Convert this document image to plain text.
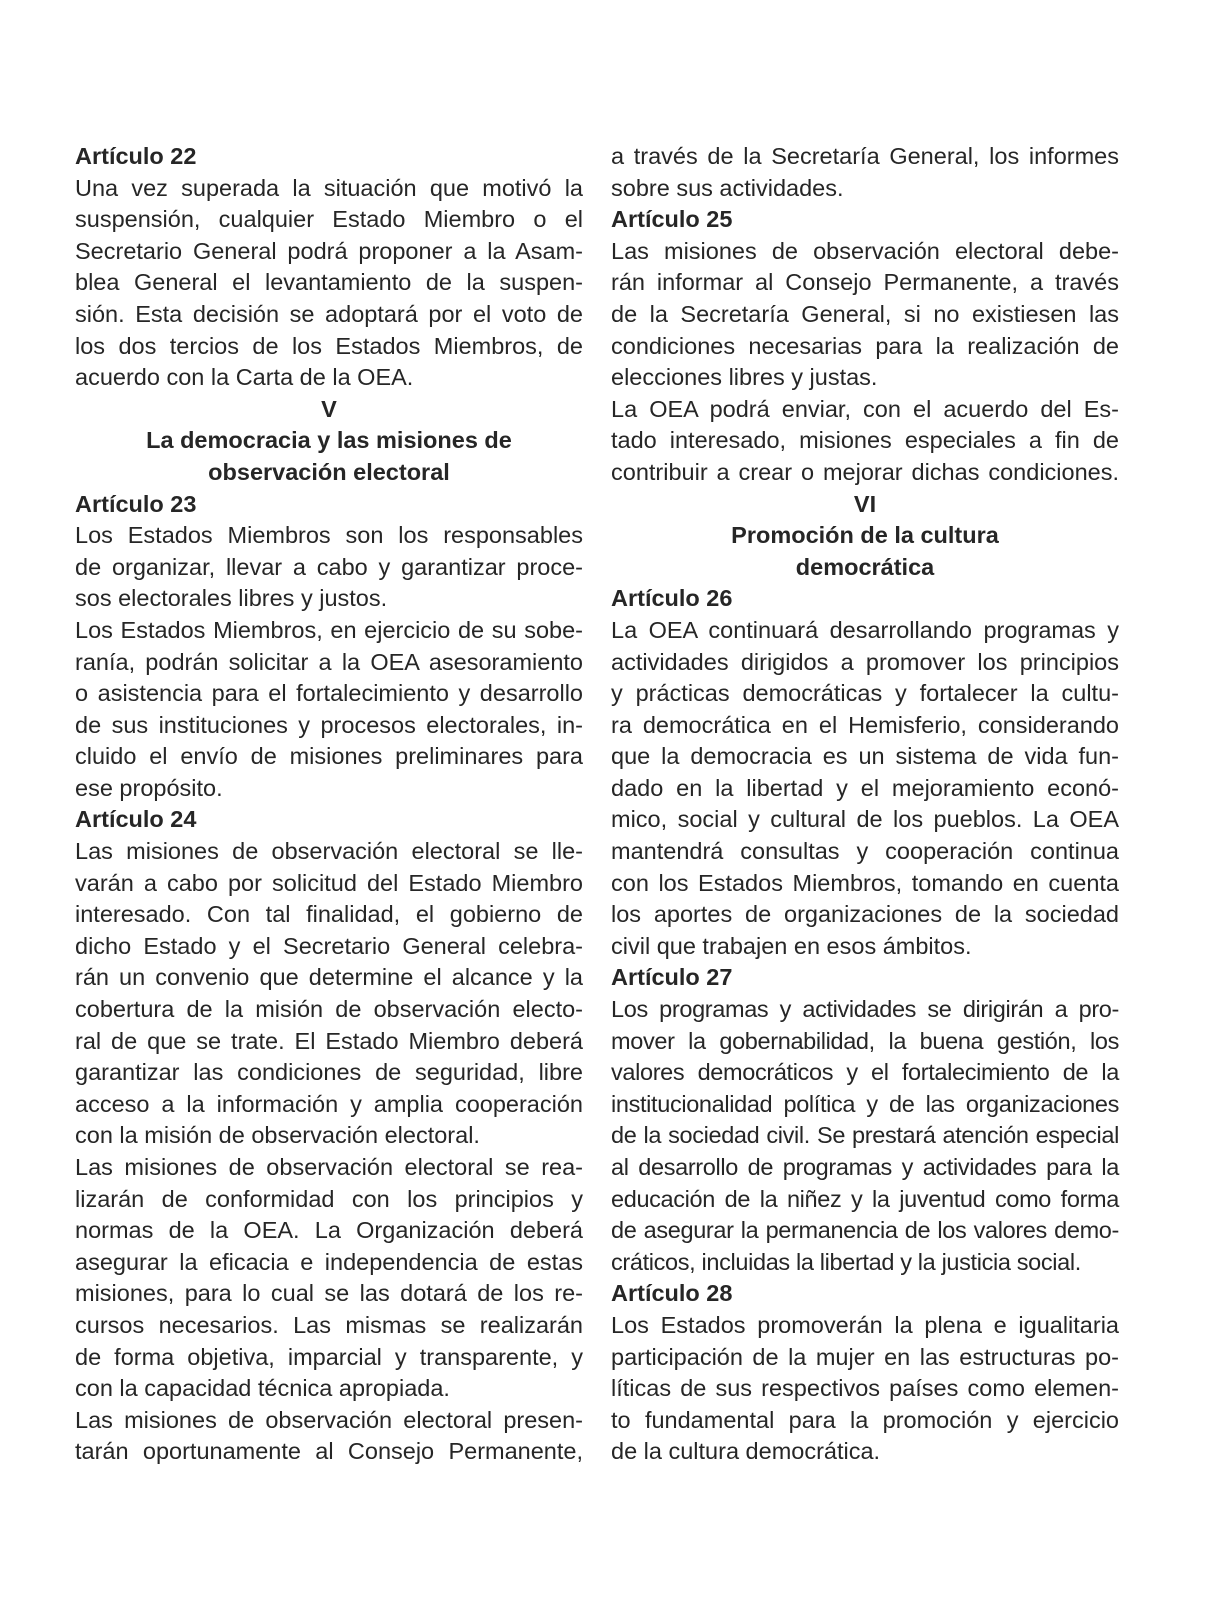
Artículo 22
Una vez superada la situación que motivó la
suspensión, cualquier Estado Miembro o el
Secretario General podrá proponer a la Asam-
blea General el levantamiento de la suspen-
sión. Esta decisión se adoptará por el voto de
los dos tercios de los Estados Miembros, de
acuerdo con la Carta de la OEA.
V
La democracia y las misiones de
observación electoral
Artículo 23
Los Estados Miembros son los responsables
de organizar, llevar a cabo y garantizar proce-
sos electorales libres y justos.
Los Estados Miembros, en ejercicio de su sobe-
ranía, podrán solicitar a la OEA asesoramiento
o asistencia para el fortalecimiento y desarrollo
de sus instituciones y procesos electorales, in-
cluido el envío de misiones preliminares para
ese propósito.
Artículo 24
Las misiones de observación electoral se lle-
varán a cabo por solicitud del Estado Miembro
interesado. Con tal finalidad, el gobierno de
dicho Estado y el Secretario General celebra-
rán un convenio que determine el alcance y la
cobertura de la misión de observación electo-
ral de que se trate. El Estado Miembro deberá
garantizar las condiciones de seguridad, libre
acceso a la información y amplia cooperación
con la misión de observación electoral.
Las misiones de observación electoral se rea-
lizarán de conformidad con los principios y
normas de la OEA. La Organización deberá
asegurar la eficacia e independencia de estas
misiones, para lo cual se las dotará de los re-
cursos necesarios. Las mismas se realizarán
de forma objetiva, imparcial y transparente, y
con la capacidad técnica apropiada.
Las misiones de observación electoral presen-
tarán oportunamente al Consejo Permanente,
a través de la Secretaría General, los informes
sobre sus actividades.
Artículo 25
Las misiones de observación electoral debe-
rán informar al Consejo Permanente, a través
de la Secretaría General, si no existiesen las
condiciones necesarias para la realización de
elecciones libres y justas.
La OEA podrá enviar, con el acuerdo del Es-
tado interesado, misiones especiales a fin de
contribuir a crear o mejorar dichas condiciones.
VI
Promoción de la cultura
democrática
Artículo 26
La OEA continuará desarrollando programas y
actividades dirigidos a promover los principios
y prácticas democráticas y fortalecer la cultu-
ra democrática en el Hemisferio, considerando
que la democracia es un sistema de vida fun-
dado en la libertad y el mejoramiento econó-
mico, social y cultural de los pueblos. La OEA
mantendrá consultas y cooperación continua
con los Estados Miembros, tomando en cuenta
los aportes de organizaciones de la sociedad
civil que trabajen en esos ámbitos.
Artículo 27
Los programas y actividades se dirigirán a pro-
mover la gobernabilidad, la buena gestión, los
valores democráticos y el fortalecimiento de la
institucionalidad política y de las organizaciones
de la sociedad civil. Se prestará atención especial
al desarrollo de programas y actividades para la
educación de la niñez y la juventud como forma
de asegurar la permanencia de los valores demo-
cráticos, incluidas la libertad y la justicia social.
Artículo 28
Los Estados promoverán la plena e igualitaria
participación de la mujer en las estructuras po-
líticas de sus respectivos países como elemen-
to fundamental para la promoción y ejercicio
de la cultura democrática.
